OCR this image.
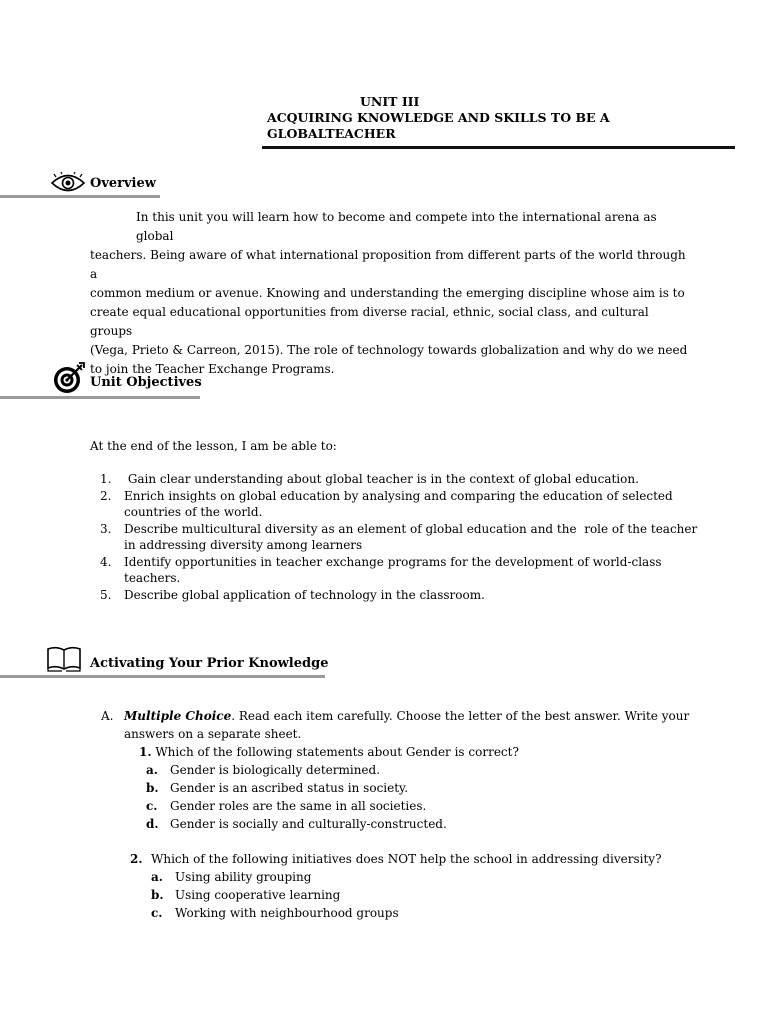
UNIT III
ACQUIRING KNOWLEDGE AND SKILLS TO BE A
GLOBALTEACHER
Overview
In this unit you will learn how to become and compete into the international arena as global
teachers. Being aware of what international proposition from different parts of the world through a
common medium or avenue. Knowing and understanding the emerging discipline whose aim is to
create equal educational opportunities from diverse racial, ethnic, social class, and cultural groups
(Vega, Prieto & Carreon, 2015). The role of technology towards globalization and why do we need
to join the Teacher Exchange Programs.
Unit Objectives
At the end of the lesson, I am be able to:
1. Gain clear understanding about global teacher is in the context of global education.
2. Enrich insights on global education by analysing and comparing the education of selected
countries of the world.
3. Describe multicultural diversity as an element of global education and the  role of the teacher
in addressing diversity among learners
4. Identify opportunities in teacher exchange programs for the development of world-class
teachers.
5. Describe global application of technology in the classroom.
Activating Your Prior Knowledge
A. Multiple Choice. Read each item carefully. Choose the letter of the best answer. Write your
answers on a separate sheet.
1. Which of the following statements about Gender is correct?
a. Gender is biologically determined.
b. Gender is an ascribed status in society.
c. Gender roles are the same in all societies.
d. Gender is socially and culturally-constructed.
2. Which of the following initiatives does NOT help the school in addressing diversity?
a. Using ability grouping
b. Using cooperative learning
c. Working with neighbourhood groups
